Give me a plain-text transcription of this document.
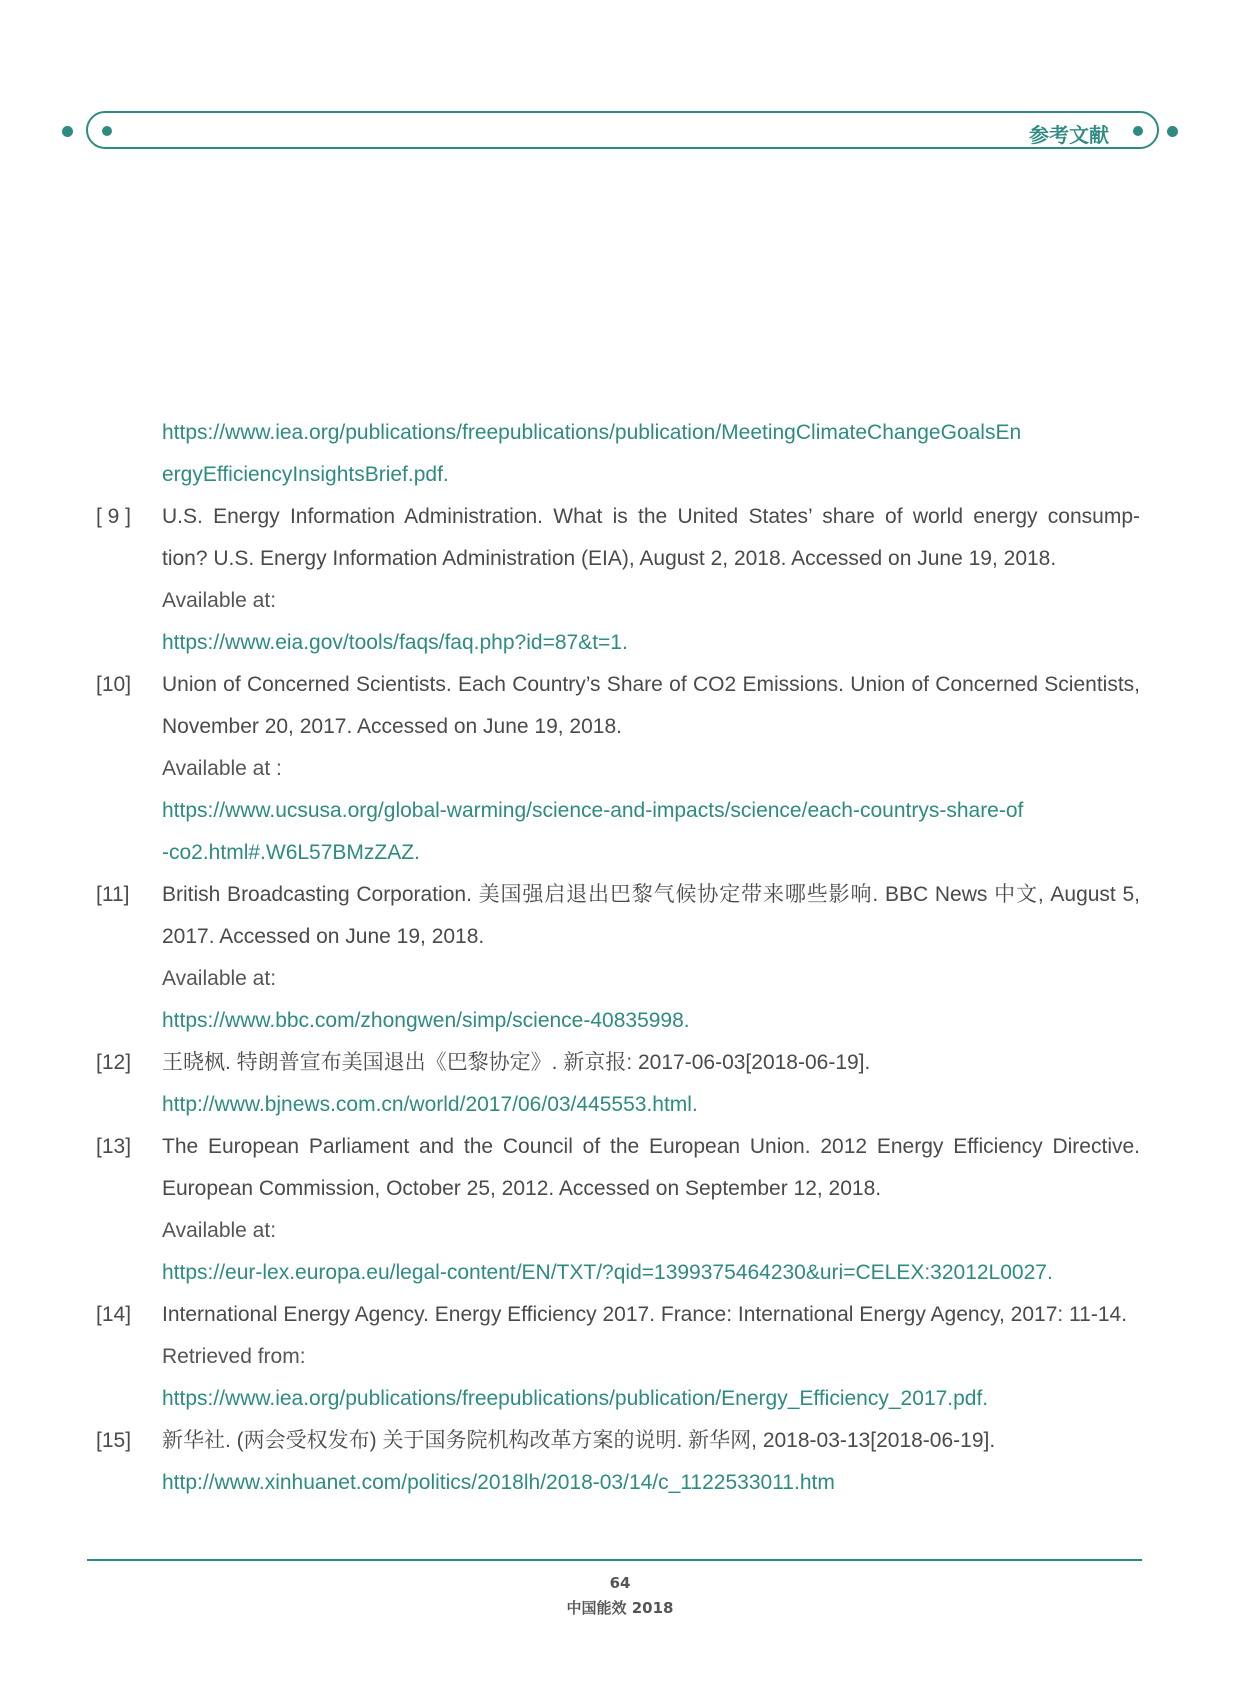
参考文献
https://www.iea.org/publications/freepublications/publication/MeetingClimateChangeGoalsEn
ergyEfficiencyInsightsBrief.pdf.
[ 9 ]	U.S. Energy Information Administration. What is the United States’ share of world energy consump-
tion? U.S. Energy Information Administration (EIA), August 2, 2018. Accessed on June 19, 2018.
Available at:
https://www.eia.gov/tools/faqs/faq.php?id=87&t=1.
[10]	Union of Concerned Scientists. Each Country’s Share of CO2 Emissions. Union of Concerned Scientists,
November 20, 2017. Accessed on June 19, 2018.
Available at :
https://www.ucsusa.org/global-warming/science-and-impacts/science/each-countrys-share-of
-co2.html#.W6L57BMzZAZ.
[11]	British Broadcasting Corporation. 美国强启退出巴黎气候协定带来哪些影响. BBC News 中文, August 5,
2017. Accessed on June 19, 2018.
Available at:
https://www.bbc.com/zhongwen/simp/science-40835998.
[12]	王晓枫. 特朗普宣布美国退出《巴黎协定》. 新京报: 2017-06-03[2018-06-19].
http://www.bjnews.com.cn/world/2017/06/03/445553.html.
[13]	The European Parliament and the Council of the European Union. 2012 Energy Efficiency Directive.
European Commission, October 25, 2012. Accessed on September 12, 2018.
Available at:
https://eur-lex.europa.eu/legal-content/EN/TXT/?qid=1399375464230&uri=CELEX:32012L0027.
[14]	International Energy Agency. Energy Efficiency 2017. France: International Energy Agency, 2017: 11-14.
Retrieved from:
https://www.iea.org/publications/freepublications/publication/Energy_Efficiency_2017.pdf.
[15]	新华社. (两会受权发布) 关于国务院机构改革方案的说明. 新华网, 2018-03-13[2018-06-19].
http://www.xinhuanet.com/politics/2018lh/2018-03/14/c_1122533011.htm
64
中国能效 2018
